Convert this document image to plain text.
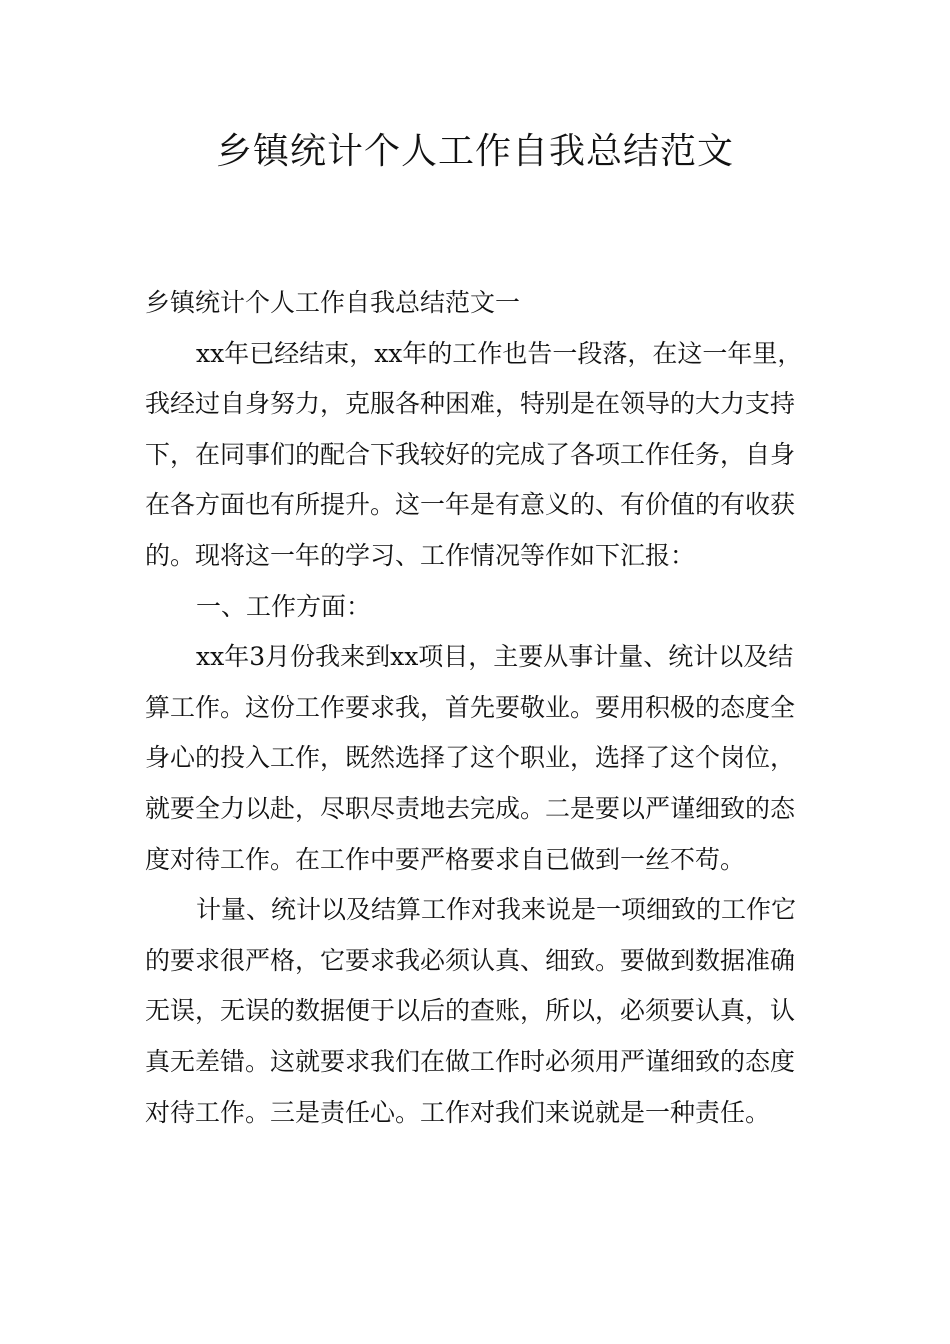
乡镇统计个人工作自我总结范文

乡镇统计个人工作自我总结范文一

xx年已经结束，xx年的工作也告一段落，在这一年里，我经过自身努力，克服各种困难，特别是在领导的大力支持下，在同事们的配合下我较好的完成了各项工作任务，自身在各方面也有所提升。这一年是有意义的、有价值的有收获的。现将这一年的学习、工作情况等作如下汇报：

一、工作方面：

xx年3月份我来到xx项目，主要从事计量、统计以及结算工作。这份工作要求我，首先要敬业。要用积极的态度全身心的投入工作，既然选择了这个职业，选择了这个岗位，就要全力以赴，尽职尽责地去完成。二是要以严谨细致的态度对待工作。在工作中要严格要求自已做到一丝不苟。

计量、统计以及结算工作对我来说是一项细致的工作它的要求很严格，它要求我必须认真、细致。要做到数据准确无误，无误的数据便于以后的查账，所以，必须要认真，认真无差错。这就要求我们在做工作时必须用严谨细致的态度对待工作。三是责任心。工作对我们来说就是一种责任。
